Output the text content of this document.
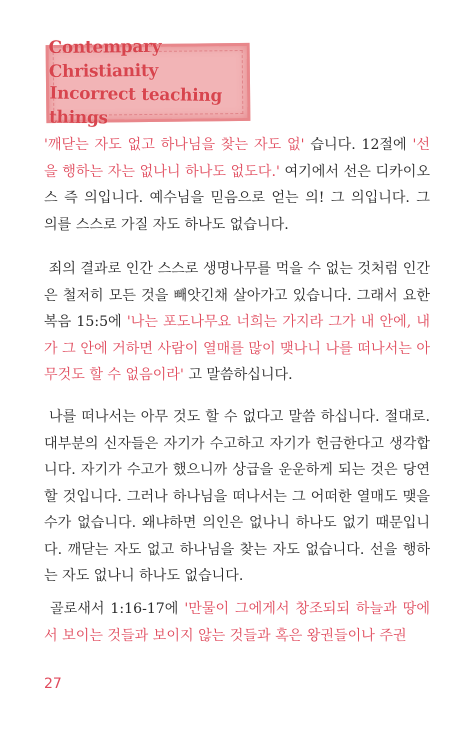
Contempary Christianity
Incorrect teaching things

'깨닫는 자도 없고 하나님을 찾는 자도 없' 습니다. 12절에 '선을 행하는 자는 없나니 하나도 없도다.' 여기에서 선은 디카이오스 즉 의입니다. 예수님을 믿음으로 얻는 의! 그 의입니다. 그 의를 스스로 가질 자도 하나도 없습니다.

죄의 결과로 인간 스스로 생명나무를 먹을 수 없는 것처럼 인간은 철저히 모든 것을 빼앗긴채 살아가고 있습니다. 그래서 요한복음 15:5에 '나는 포도나무요 너희는 가지라 그가 내 안에, 내가 그 안에 거하면 사람이 열매를 많이 맺나니 나를 떠나서는 아무것도 할 수 없음이라' 고 말씀하십니다.

나를 떠나서는 아무 것도 할 수 없다고 말씀 하십니다. 절대로. 대부분의 신자들은 자기가 수고하고 자기가 헌금한다고 생각합니다. 자기가 수고가 했으니까 상급을 운운하게 되는 것은 당연할 것입니다. 그러나 하나님을 떠나서는 그 어떠한 열매도 맺을 수가 없습니다. 왜냐하면 의인은 없나니 하나도 없기 때문입니다. 깨닫는 자도 없고 하나님을 찾는 자도 없습니다. 선을 행하는 자도 없나니 하나도 없습니다.

골로새서 1:16-17에 '만물이 그에게서 창조되되 하늘과 땅에서 보이는 것들과 보이지 않는 것들과 혹은 왕권들이나 주권

27
